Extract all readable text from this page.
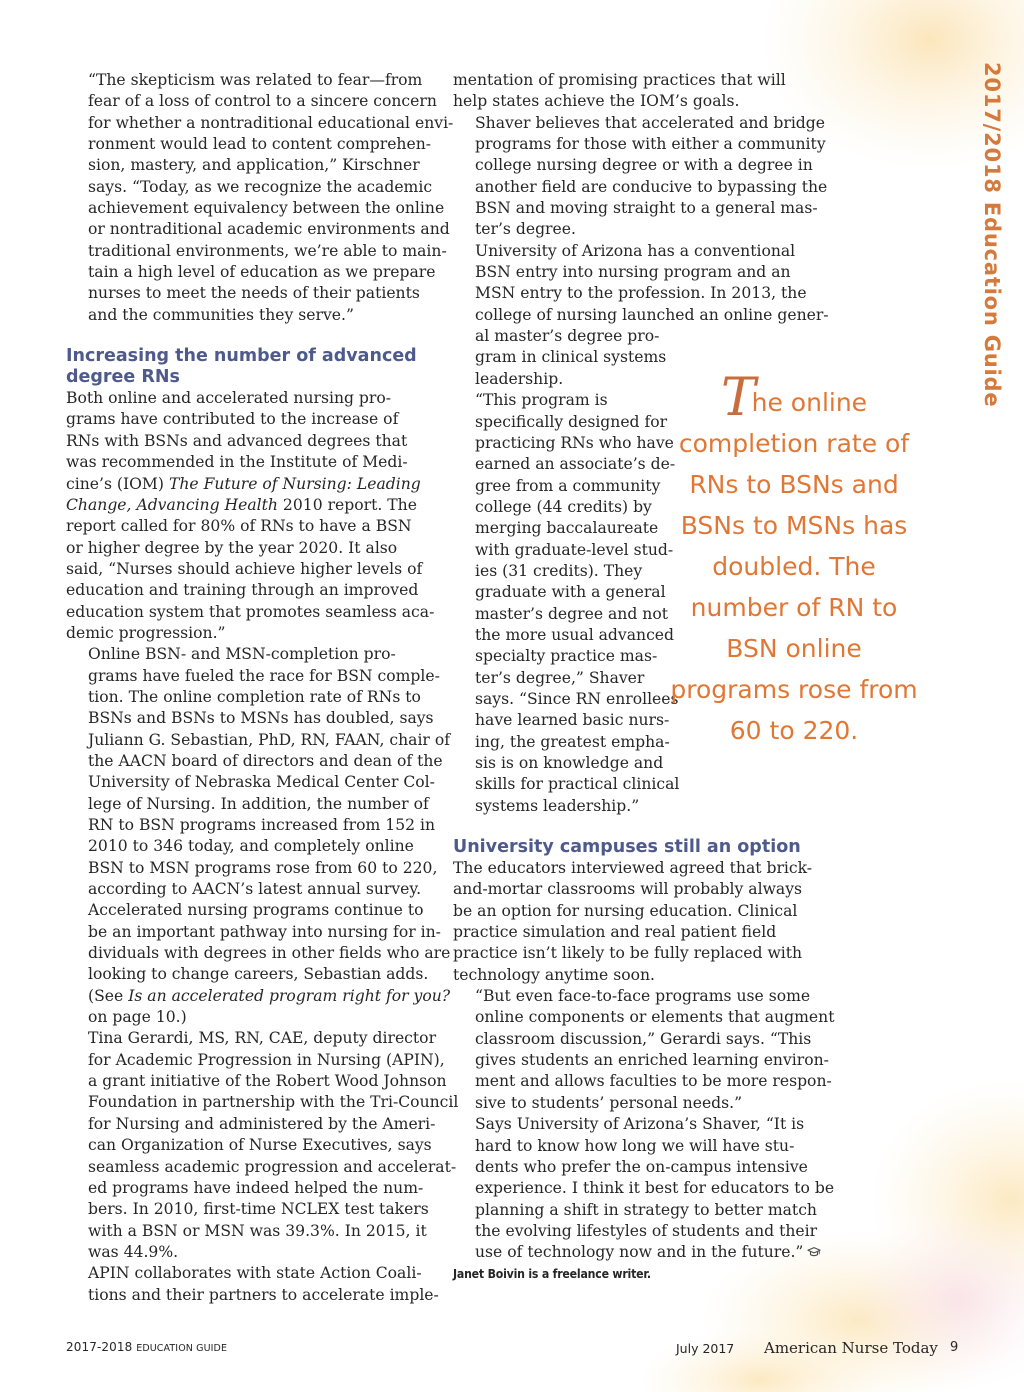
2017/2018 Education Guide

“The skepticism was related to fear—from
fear of a loss of control to a sincere concern
for whether a nontraditional educational envi-
ronment would lead to content comprehen-
sion, mastery, and application,” Kirschner
says. “Today, as we recognize the academic
achievement equivalency between the online
or nontraditional academic environments and
traditional environments, we’re able to main-
tain a high level of education as we prepare
nurses to meet the needs of their patients
and the communities they serve.”

Increasing the number of advanced
degree RNs

Both online and accelerated nursing pro-
grams have contributed to the increase of
RNs with BSNs and advanced degrees that
was recommended in the Institute of Medi-
cine’s (IOM) The Future of Nursing: Leading
Change, Advancing Health 2010 report. The
report called for 80% of RNs to have a BSN
or higher degree by the year 2020. It also
said, “Nurses should achieve higher levels of
education and training through an improved
education system that promotes seamless aca-
demic progression.”

Online BSN- and MSN-completion pro-
grams have fueled the race for BSN comple-
tion. The online completion rate of RNs to
BSNs and BSNs to MSNs has doubled, says
Juliann G. Sebastian, PhD, RN, FAAN, chair of
the AACN board of directors and dean of the
University of Nebraska Medical Center Col-
lege of Nursing. In addition, the number of
RN to BSN programs increased from 152 in
2010 to 346 today, and completely online
BSN to MSN programs rose from 60 to 220,
according to AACN’s latest annual survey.

Accelerated nursing programs continue to
be an important pathway into nursing for in-
dividuals with degrees in other fields who are
looking to change careers, Sebastian adds.
(See Is an accelerated program right for you?
on page 10.)

Tina Gerardi, MS, RN, CAE, deputy director
for Academic Progression in Nursing (APIN),
a grant initiative of the Robert Wood Johnson
Foundation in partnership with the Tri-Council
for Nursing and administered by the Ameri-
can Organization of Nurse Executives, says
seamless academic progression and accelerat-
ed programs have indeed helped the num-
bers. In 2010, first-time NCLEX test takers
with a BSN or MSN was 39.3%. In 2015, it
was 44.9%.

APIN collaborates with state Action Coali-
tions and their partners to accelerate imple-

mentation of promising practices that will
help states achieve the IOM’s goals.

Shaver believes that accelerated and bridge
programs for those with either a community
college nursing degree or with a degree in
another field are conducive to bypassing the
BSN and moving straight to a general mas-
ter’s degree.

University of Arizona has a conventional
BSN entry into nursing program and an
MSN entry to the profession. In 2013, the
college of nursing launched an online gener-
al master’s degree pro-
gram in clinical systems
leadership.

“This program is
specifically designed for
practicing RNs who have
earned an associate’s de-
gree from a community
college (44 credits) by
merging baccalaureate
with graduate-level stud-
ies (31 credits). They
graduate with a general
master’s degree and not
the more usual advanced
specialty practice mas-
ter’s degree,” Shaver
says. “Since RN enrollees
have learned basic nurs-
ing, the greatest empha-
sis is on knowledge and
skills for practical clinical
systems leadership.”

University campuses still an option

The educators interviewed agreed that brick-
and-mortar classrooms will probably always
be an option for nursing education. Clinical
practice simulation and real patient field
practice isn’t likely to be fully replaced with
technology anytime soon.

“But even face-to-face programs use some
online components or elements that augment
classroom discussion,” Gerardi says. “This
gives students an enriched learning environ-
ment and allows faculties to be more respon-
sive to students’ personal needs.”

Says University of Arizona’s Shaver, “It is
hard to know how long we will have stu-
dents who prefer the on-campus intensive
experience. I think it best for educators to be
planning a shift in strategy to better match
the evolving lifestyles of students and their
use of technology now and in the future.”

Janet Boivin is a freelance writer.

The online
completion rate of
RNs to BSNs and
BSNs to MSNs has
doubled. The
number of RN to
BSN online
programs rose from
60 to 220.
2017-2018 EDUCATION GUIDE	July 2017 American Nurse Today 9
